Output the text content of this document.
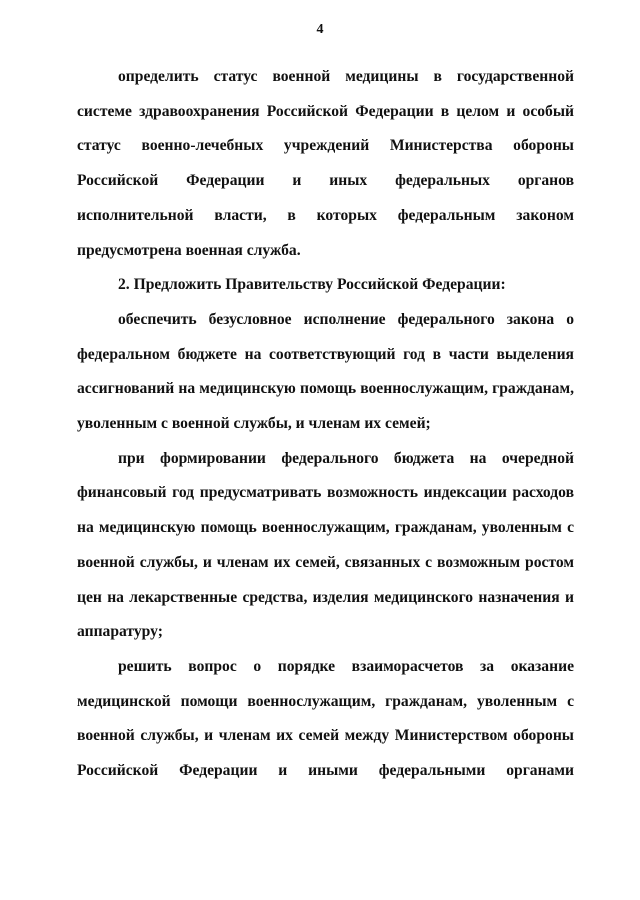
4

определить статус военной медицины в государственной системе здравоохранения Российской Федерации в целом и особый статус военно-лечебных учреждений Министерства обороны Российской Федерации и иных федеральных органов исполнительной власти, в которых федеральным законом предусмотрена военная служба.

2. Предложить Правительству Российской Федерации:

обеспечить безусловное исполнение федерального закона о федеральном бюджете на соответствующий год в части выделения ассигнований на медицинскую помощь военнослужащим, гражданам, уволенным с военной службы, и членам их семей;

при формировании федерального бюджета на очередной финансовый год предусматривать возможность индексации расходов на медицинскую помощь военнослужащим, гражданам, уволенным с военной службы, и членам их семей, связанных с возможным ростом цен на лекарственные средства, изделия медицинского назначения и аппаратуру;

решить вопрос о порядке взаиморасчетов за оказание медицинской помощи военнослужащим, гражданам, уволенным с военной службы, и членам их семей между Министерством обороны Российской Федерации и иными федеральными органами
